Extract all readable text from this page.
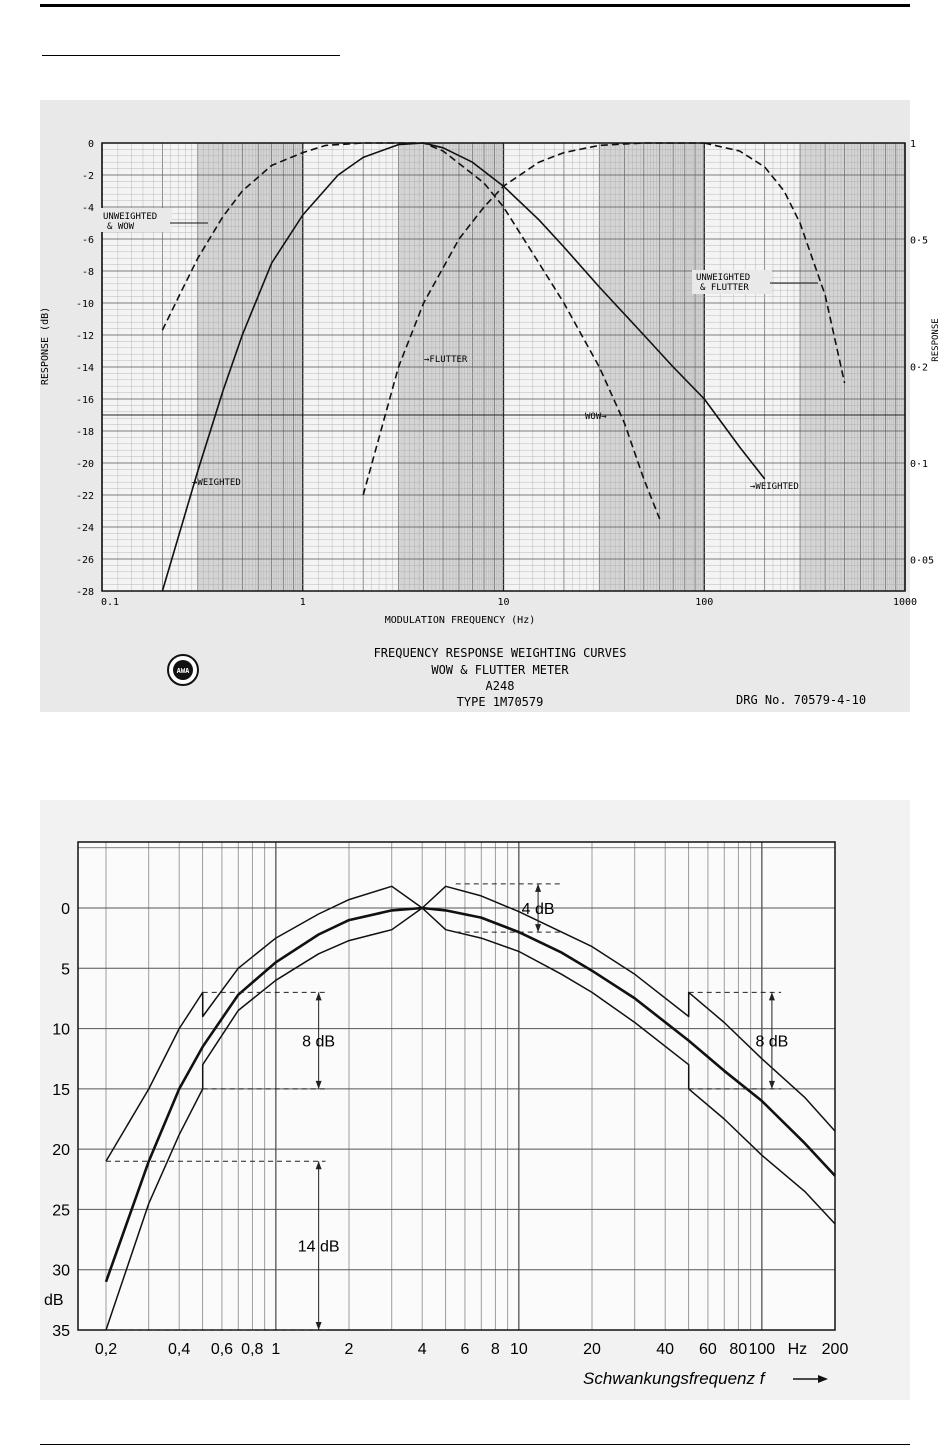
0
-2
-4
-6
-8
-10
-12
-14
-16
-18
-20
-22
-24
-26
-28
0.1	1	10	100	1000
1
0·5
0·2
0·1
0·05
RESPONSE (dB)	RESPONSE
MODULATION FREQUENCY (Hz)
UNWEIGHTED
& WOW
UNWEIGHTED
& FLUTTER
→FLUTTER
WOW→
→WEIGHTED	→WEIGHTED
AWA
FREQUENCY RESPONSE WEIGHTING CURVES
WOW & FLUTTER METER
A248
TYPE 1M70579	DRG No. 70579-4-10
0
5
10
15
20
25
30
35
0,2	0,4 0,6 0,8 1	2	4 6 8 10	20	40 60 80 100 Hz 200
4 dB
8 dB	8 dB
14 dB
dB
Schwankungsfrequenz f
